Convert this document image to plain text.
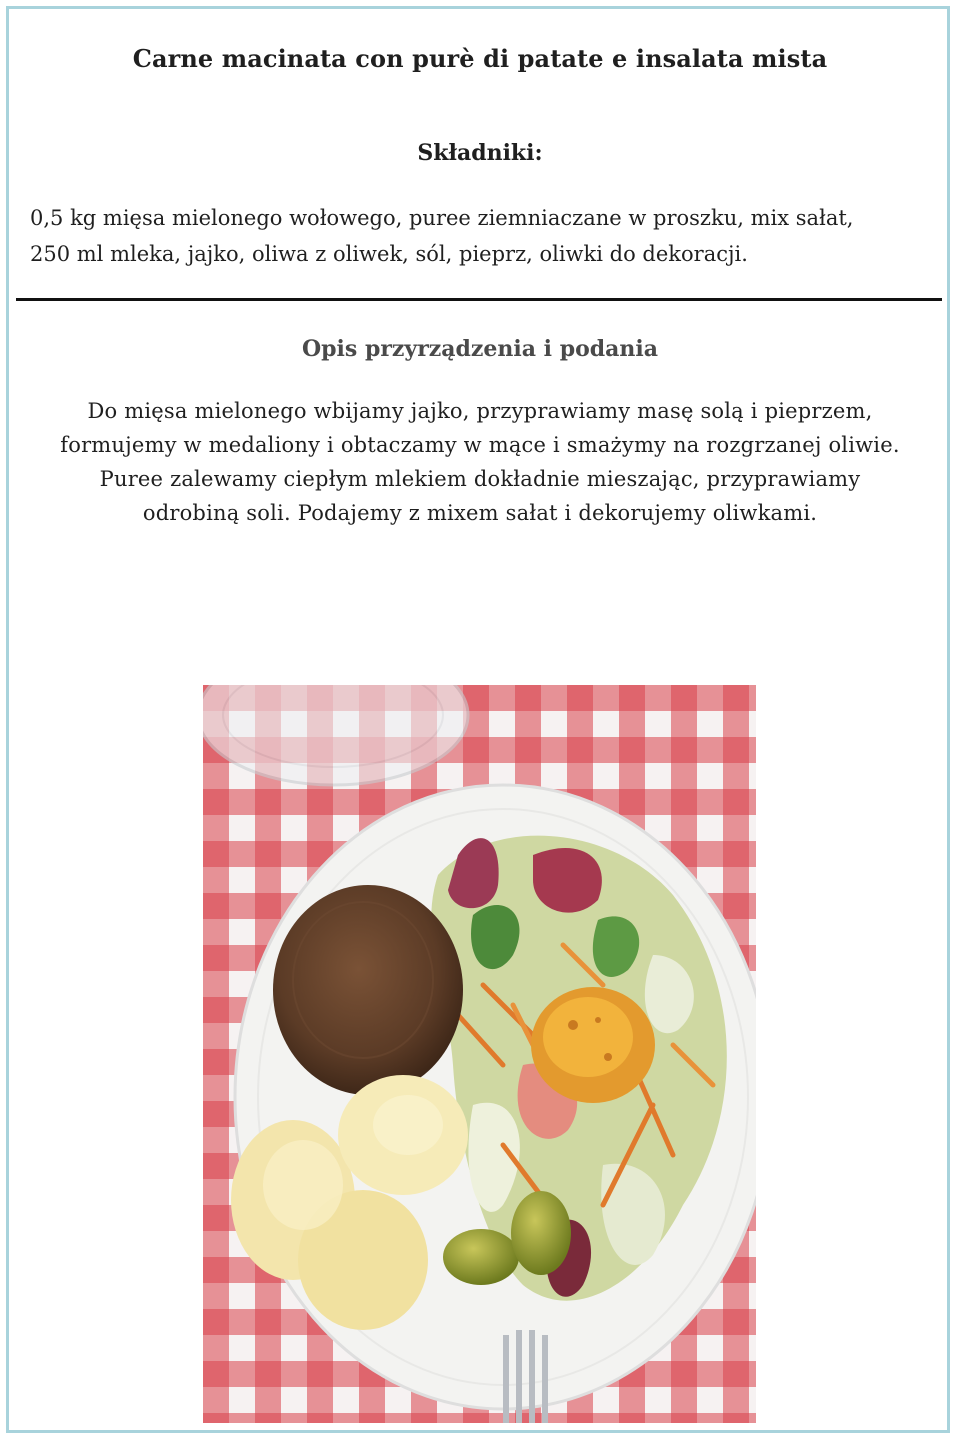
Carne macinata con purè di patate e insalata mista
Składniki:
0,5 kg mięsa mielonego wołowego, puree ziemniaczane w proszku, mix sałat,
250 ml mleka, jajko, oliwa z oliwek, sól, pieprz, oliwki do dekoracji.
Opis przyrządzenia i podania
Do mięsa mielonego wbijamy jajko, przyprawiamy masę solą i pieprzem,
formujemy w medaliony i obtaczamy w mące i smażymy na rozgrzanej oliwie.
Puree zalewamy ciepłym mlekiem dokładnie mieszając, przyprawiamy
odrobiną soli. Podajemy z mixem sałat i dekorujemy oliwkami.
